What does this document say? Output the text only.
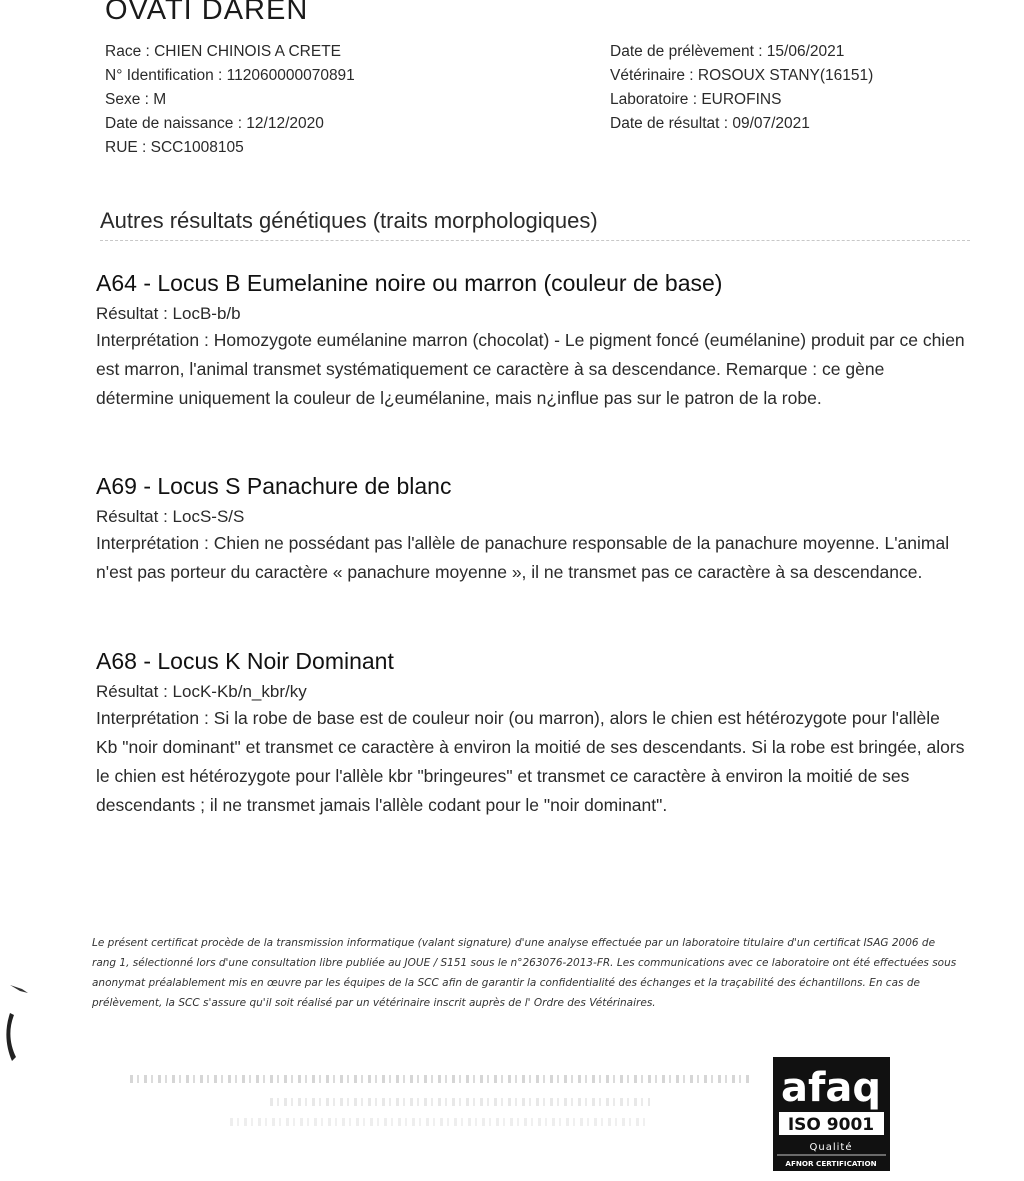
OVATI DAREN
Race : CHIEN CHINOIS A CRETE
N° Identification : 112060000070891
Sexe : M
Date de naissance : 12/12/2020
RUE : SCC1008105
Date de prélèvement : 15/06/2021
Vétérinaire : ROSOUX STANY(16151)
Laboratoire : EUROFINS
Date de résultat : 09/07/2021
Autres résultats génétiques (traits morphologiques)
A64 - Locus B Eumelanine noire ou marron (couleur de base)
Résultat : LocB-b/b
Interprétation : Homozygote eumélanine marron (chocolat) - Le pigment foncé (eumélanine) produit par ce chien est marron, l'animal transmet systématiquement ce caractère à sa descendance. Remarque : ce gène détermine uniquement la couleur de l¿eumélanine, mais n¿influe pas sur le patron de la robe.
A69 - Locus S Panachure de blanc
Résultat : LocS-S/S
Interprétation : Chien ne possédant pas l'allèle de panachure responsable de la panachure moyenne. L'animal n'est pas porteur du caractère « panachure moyenne », il ne transmet pas ce caractère à sa descendance.
A68 - Locus K Noir Dominant
Résultat : LocK-Kb/n_kbr/ky
Interprétation : Si la robe de base est de couleur noir (ou marron), alors le chien est hétérozygote pour l'allèle Kb "noir dominant" et transmet ce caractère à environ la moitié de ses descendants. Si la robe est bringée, alors le chien est hétérozygote pour l'allèle kbr "bringeures" et transmet ce caractère à environ la moitié de ses descendants ; il ne transmet jamais l'allèle codant pour le "noir dominant".
Le présent certificat procède de la transmission informatique (valant signature) d'une analyse effectuée par un laboratoire titulaire d'un certificat ISAG 2006 de rang 1, sélectionné lors d'une consultation libre publiée au JOUE / S151 sous le n°263076-2013-FR. Les communications avec ce laboratoire ont été effectuées sous anonymat préalablement mis en œuvre par les équipes de la SCC afin de garantir la confidentialité des échanges et la traçabilité des échantillons. En cas de prélèvement, la SCC s'assure qu'il soit réalisé par un vétérinaire inscrit auprès de l' Ordre des Vétérinaires.
afaq
ISO 9001
Qualité
AFNOR CERTIFICATION
